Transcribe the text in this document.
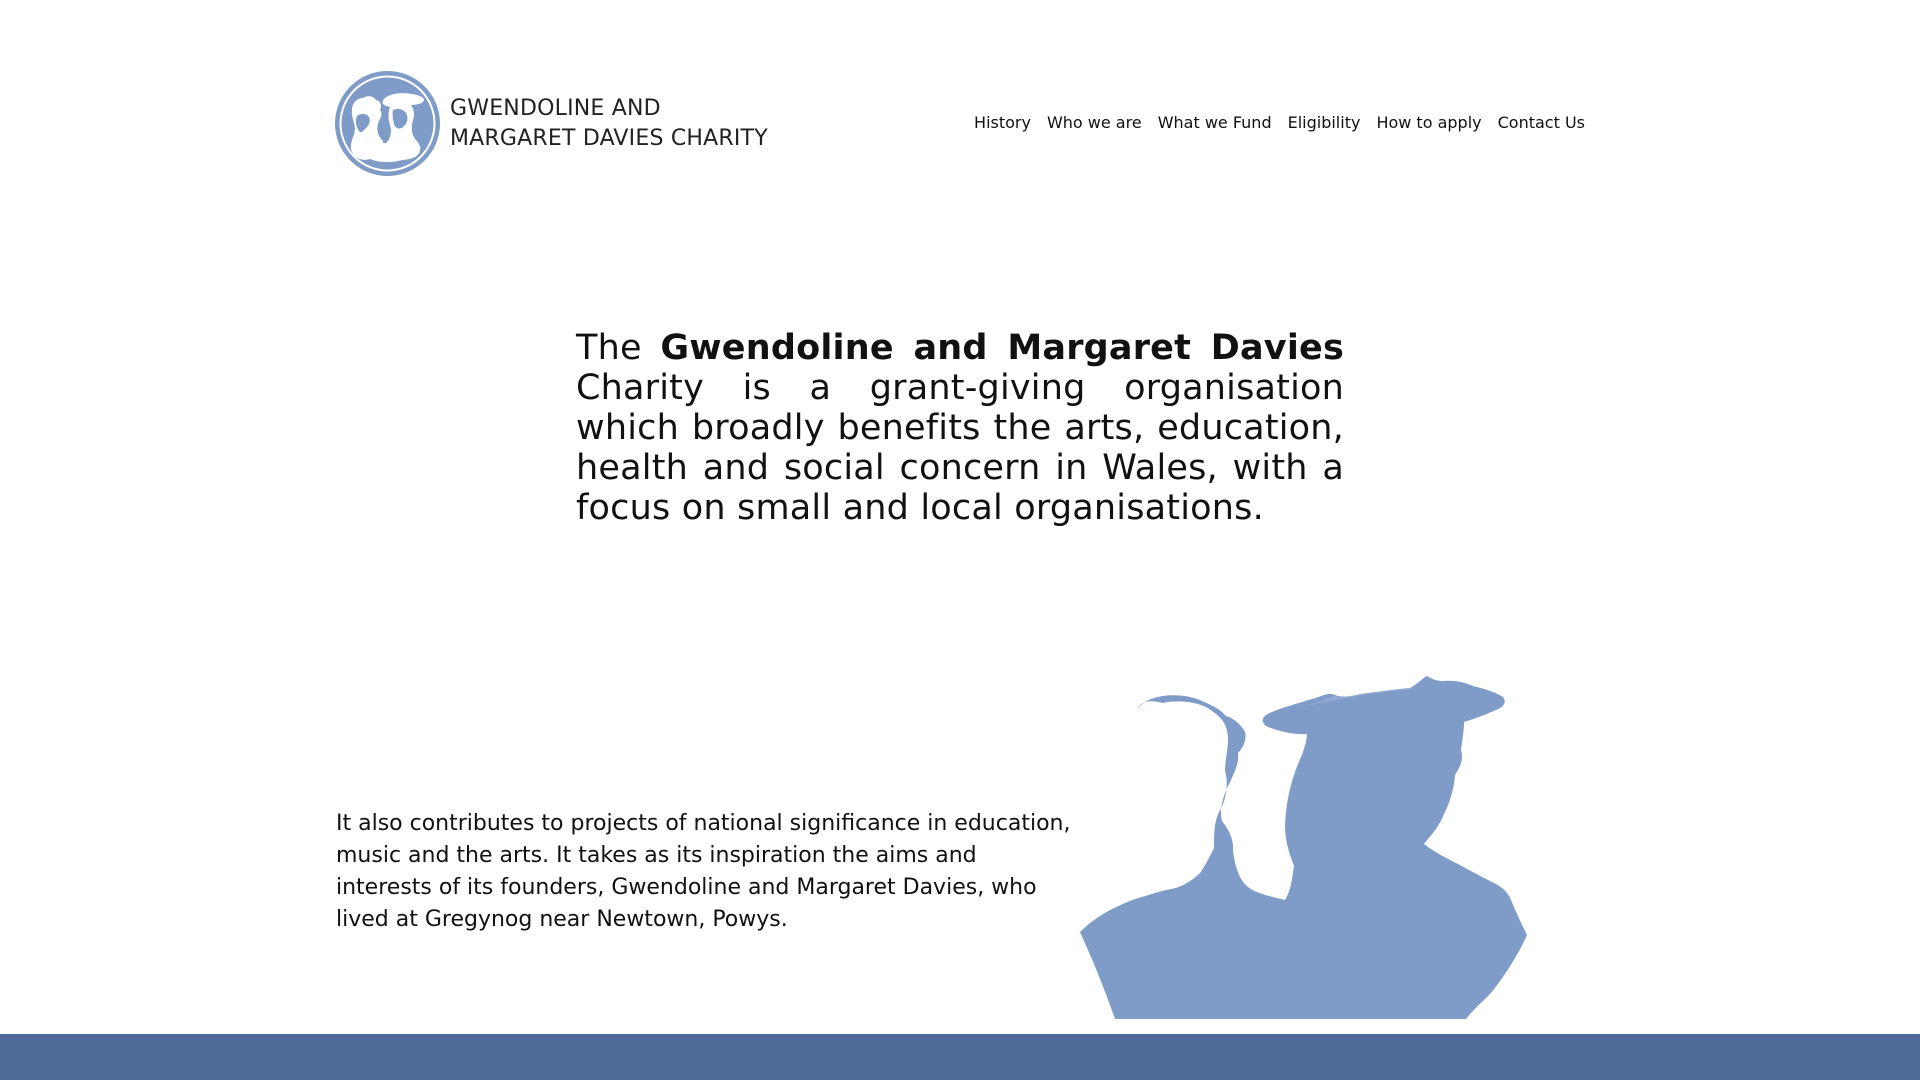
GWENDOLINE AND
MARGARET DAVIES CHARITY
History	Who we are	What we Fund	Eligibility	How to apply	Contact Us
The Gwendoline and Margaret Davies Charity is a grant-giving organisation which broadly benefits the arts, education, health and social concern in Wales, with a focus on small and local organisations.

It also contributes to projects of national significance in education, music and the arts. It takes as its inspiration the aims and interests of its founders, Gwendoline and Margaret Davies, who lived at Gregynog near Newtown, Powys.
